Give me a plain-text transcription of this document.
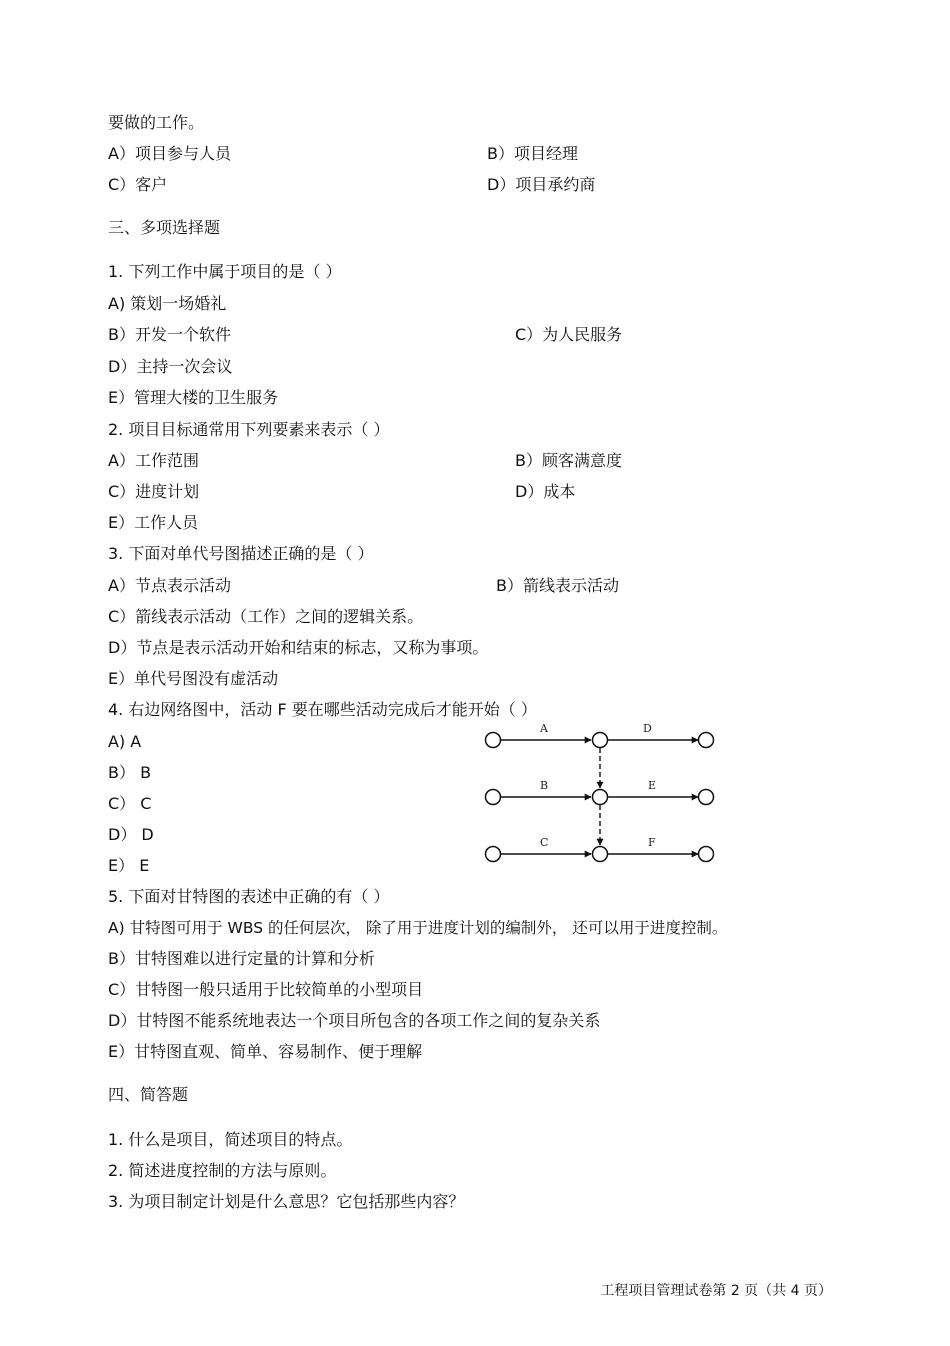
要做的工作。
A）项目参与人员	B）项目经理
C）客户	D）项目承约商
三、多项选择题
1. 下列工作中属于项目的是（ ）
A) 策划一场婚礼
B）开发一个软件	C）为人民服务
D）主持一次会议
E）管理大楼的卫生服务
2. 项目目标通常用下列要素来表示（ ）
A）工作范围	B）顾客满意度
C）进度计划	D）成本
E）工作人员
3. 下面对单代号图描述正确的是（ ）
A）节点表示活动	B）箭线表示活动
C）箭线表示活动（工作）之间的逻辑关系。
D）节点是表示活动开始和结束的标志，又称为事项。
E）单代号图没有虚活动
4. 右边网络图中，活动 F 要在哪些活动完成后才能开始（ ）
A) A
B） B
C） C
D） D
E） E
A	D
B	E
C	F
5. 下面对甘特图的表述中正确的有（ ）
A) 甘特图可用于 WBS 的任何层次， 除了用于进度计划的编制外， 还可以用于进度控制。
B）甘特图难以进行定量的计算和分析
C）甘特图一般只适用于比较简单的小型项目
D）甘特图不能系统地表达一个项目所包含的各项工作之间的复杂关系
E）甘特图直观、简单、容易制作、便于理解
四、简答题
1. 什么是项目，简述项目的特点。
2. 简述进度控制的方法与原则。
3. 为项目制定计划是什么意思？它包括那些内容？
工程项目管理试卷第 2 页（共 4 页）
